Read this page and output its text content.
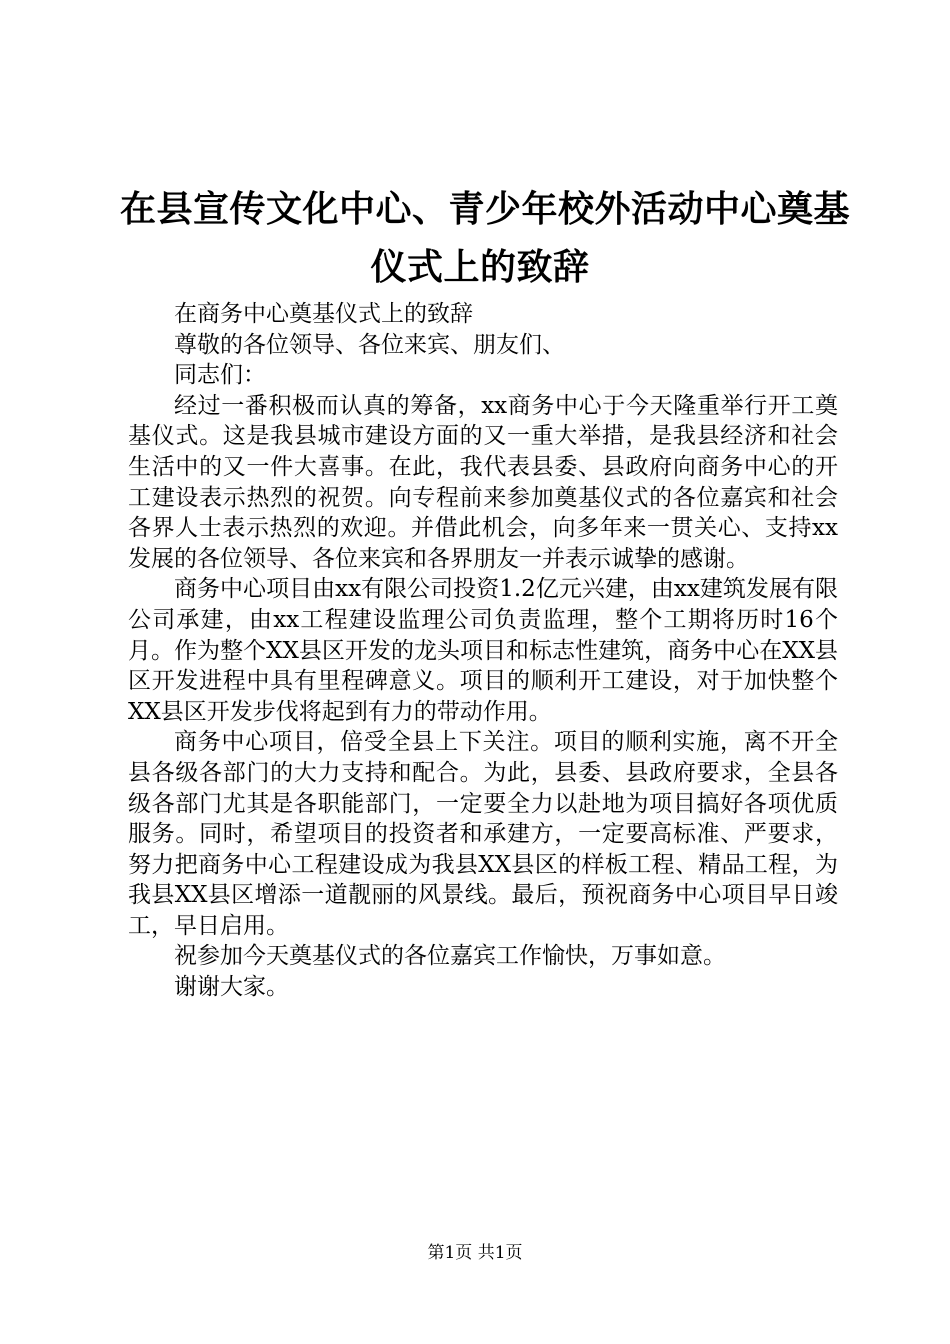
在县宣传文化中心、青少年校外活动中心奠基
仪式上的致辞

在商务中心奠基仪式上的致辞

尊敬的各位领导、各位来宾、朋友们、

同志们：

经过一番积极而认真的筹备，xx商务中心于今天隆重举行开工奠基仪式。这是我县城市建设方面的又一重大举措，是我县经济和社会生活中的又一件大喜事。在此，我代表县委、县政府向商务中心的开工建设表示热烈的祝贺。向专程前来参加奠基仪式的各位嘉宾和社会各界人士表示热烈的欢迎。并借此机会，向多年来一贯关心、支持xx发展的各位领导、各位来宾和各界朋友一并表示诚挚的感谢。

商务中心项目由xx有限公司投资1.2亿元兴建，由xx建筑发展有限公司承建，由xx工程建设监理公司负责监理，整个工期将历时16个月。作为整个XX县区开发的龙头项目和标志性建筑，商务中心在XX县区开发进程中具有里程碑意义。项目的顺利开工建设，对于加快整个XX县区开发步伐将起到有力的带动作用。

商务中心项目，倍受全县上下关注。项目的顺利实施，离不开全县各级各部门的大力支持和配合。为此，县委、县政府要求，全县各级各部门尤其是各职能部门，一定要全力以赴地为项目搞好各项优质服务。同时，希望项目的投资者和承建方，一定要高标准、严要求，努力把商务中心工程建设成为我县XX县区的样板工程、精品工程，为我县XX县区增添一道靓丽的风景线。最后，预祝商务中心项目早日竣工，早日启用。

祝参加今天奠基仪式的各位嘉宾工作愉快，万事如意。

谢谢大家。

第1页 共1页
